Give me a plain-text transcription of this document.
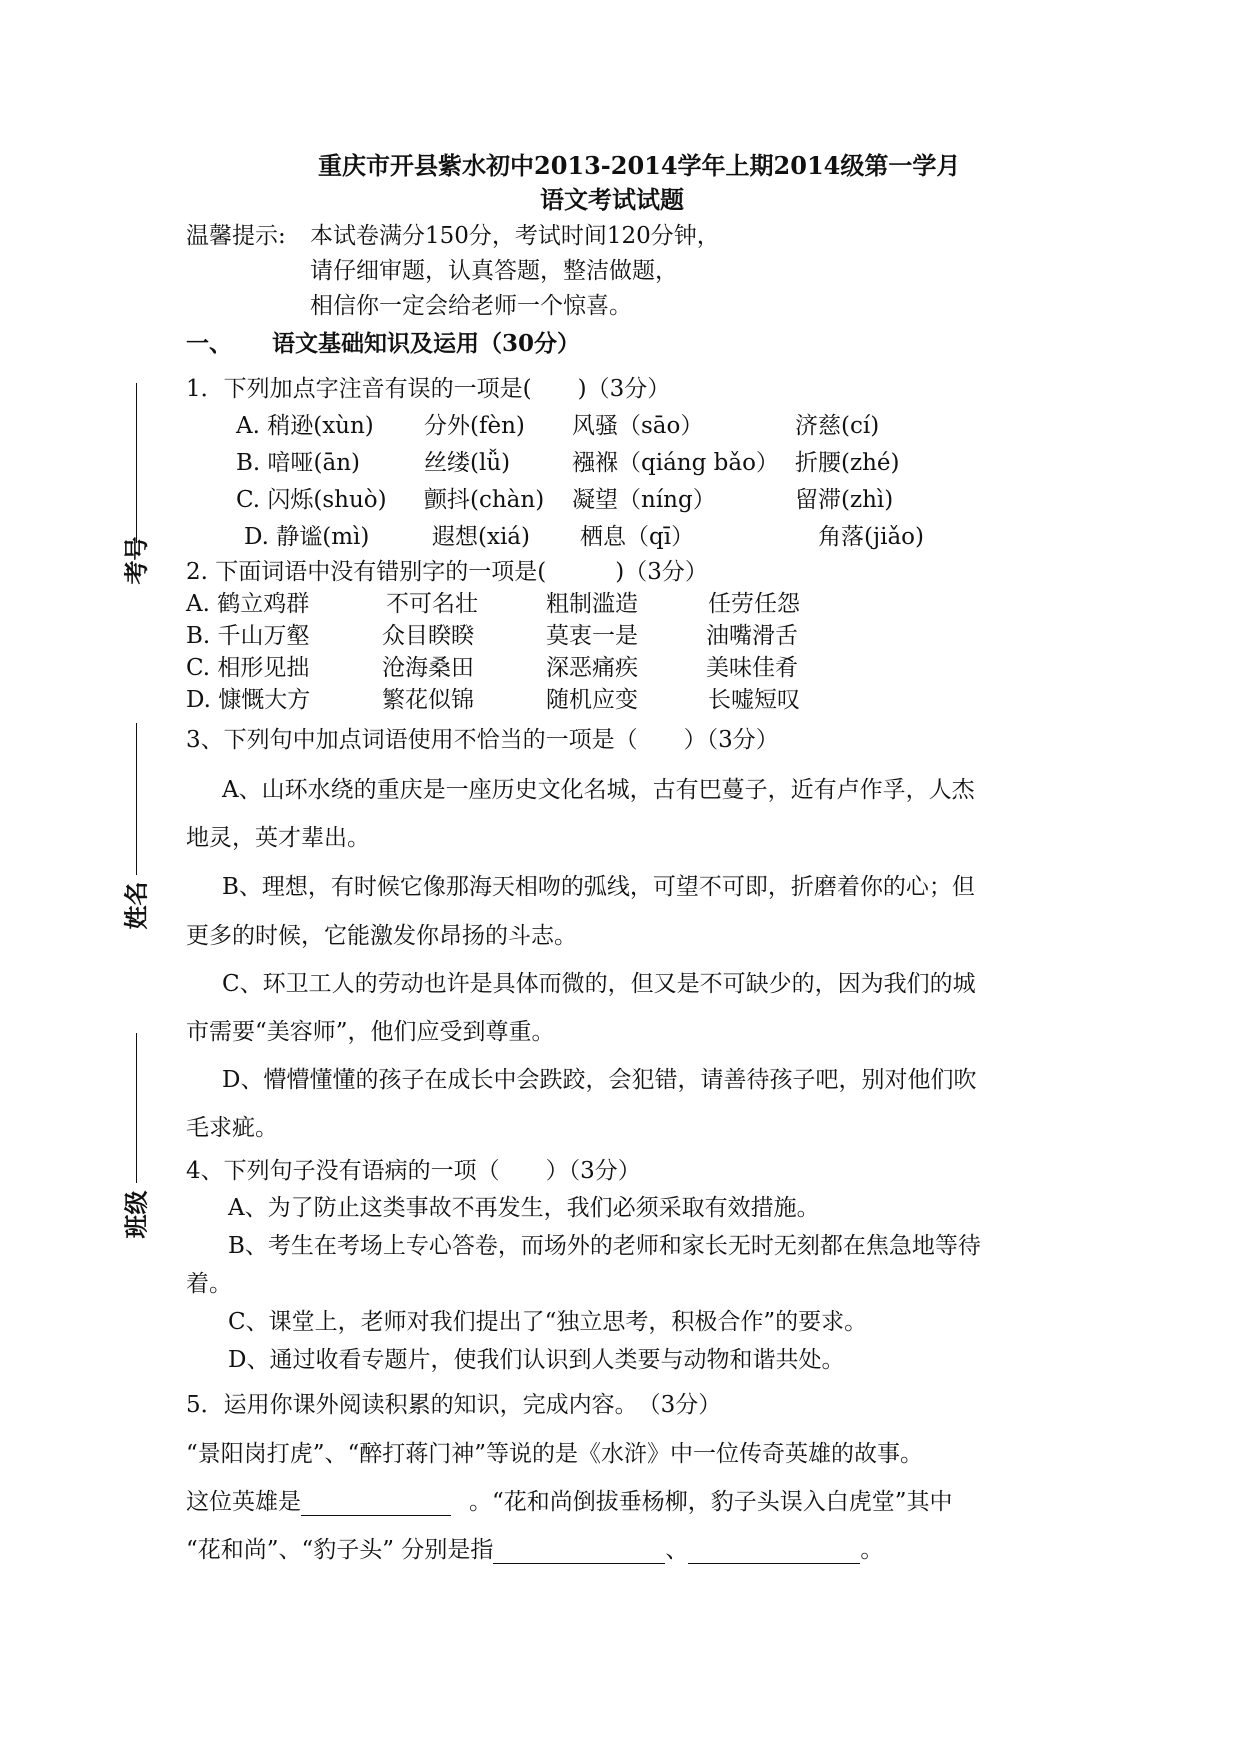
重庆市开县紫水初中2013-2014学年上期2014级第一学月
语文考试试题
温馨提示: 本试卷满分150分，考试时间120分钟，
请仔细审题，认真答题，整洁做题，
相信你一定会给老师一个惊喜。
一、 语文基础知识及运用（30分）
考号
姓名
班级
1．下列加点字注音有误的一项是(　　)（3分）
A. 稍逊(xùn) 分外(fèn) 风骚（sāo）	济慈(cí)
B. 喑哑(ān)	丝缕(lǚ)	襁褓（qiáng bǎo） 折腰(zhé)
C. 闪烁(shuò) 颤抖(chàn) 凝望（níng）	留滞(zhì)
D. 静谧(mì)	遐想(xiá) 栖息（qī）	角落(jiǎo)
2. 下面词语中没有错别字的一项是(　　　)（3分）
A. 鹤立鸡群	不可名壮	粗制滥造	任劳任怨
B. 千山万壑	众目睽睽	莫衷一是	油嘴滑舌
C. 相形见拙	沧海桑田	深恶痛疾	美味佳肴
D. 慷慨大方	繁花似锦	随机应变	长嘘短叹
3、下列句中加点词语使用不恰当的一项是（　　）（3分）
A、山环水绕的重庆是一座历史文化名城，古有巴蔓子，近有卢作孚，人杰
地灵，英才辈出。
B、理想，有时候它像那海天相吻的弧线，可望不可即，折磨着你的心；但
更多的时候，它能激发你昂扬的斗志。
C、环卫工人的劳动也许是具体而微的，但又是不可缺少的，因为我们的城
市需要“美容师”，他们应受到尊重。
D、懵懵懂懂的孩子在成长中会跌跤，会犯错，请善待孩子吧，别对他们吹
毛求疵。
4、下列句子没有语病的一项（　　）（3分）
A、为了防止这类事故不再发生，我们必须采取有效措施。
B、考生在考场上专心答卷，而场外的老师和家长无时无刻都在焦急地等待
着。
C、课堂上，老师对我们提出了“独立思考，积极合作”的要求。
D、通过收看专题片，使我们认识到人类要与动物和谐共处。
5．运用你课外阅读积累的知识，完成内容。　（3分）
“景阳岗打虎”、“醉打蒋门神”等说的是《水浒》中一位传奇英雄的故事。
这位英雄是	。“花和尚倒拔垂杨柳，豹子头误入白虎堂”其中
“花和尚”、“豹子头” 分别是指	、	。
